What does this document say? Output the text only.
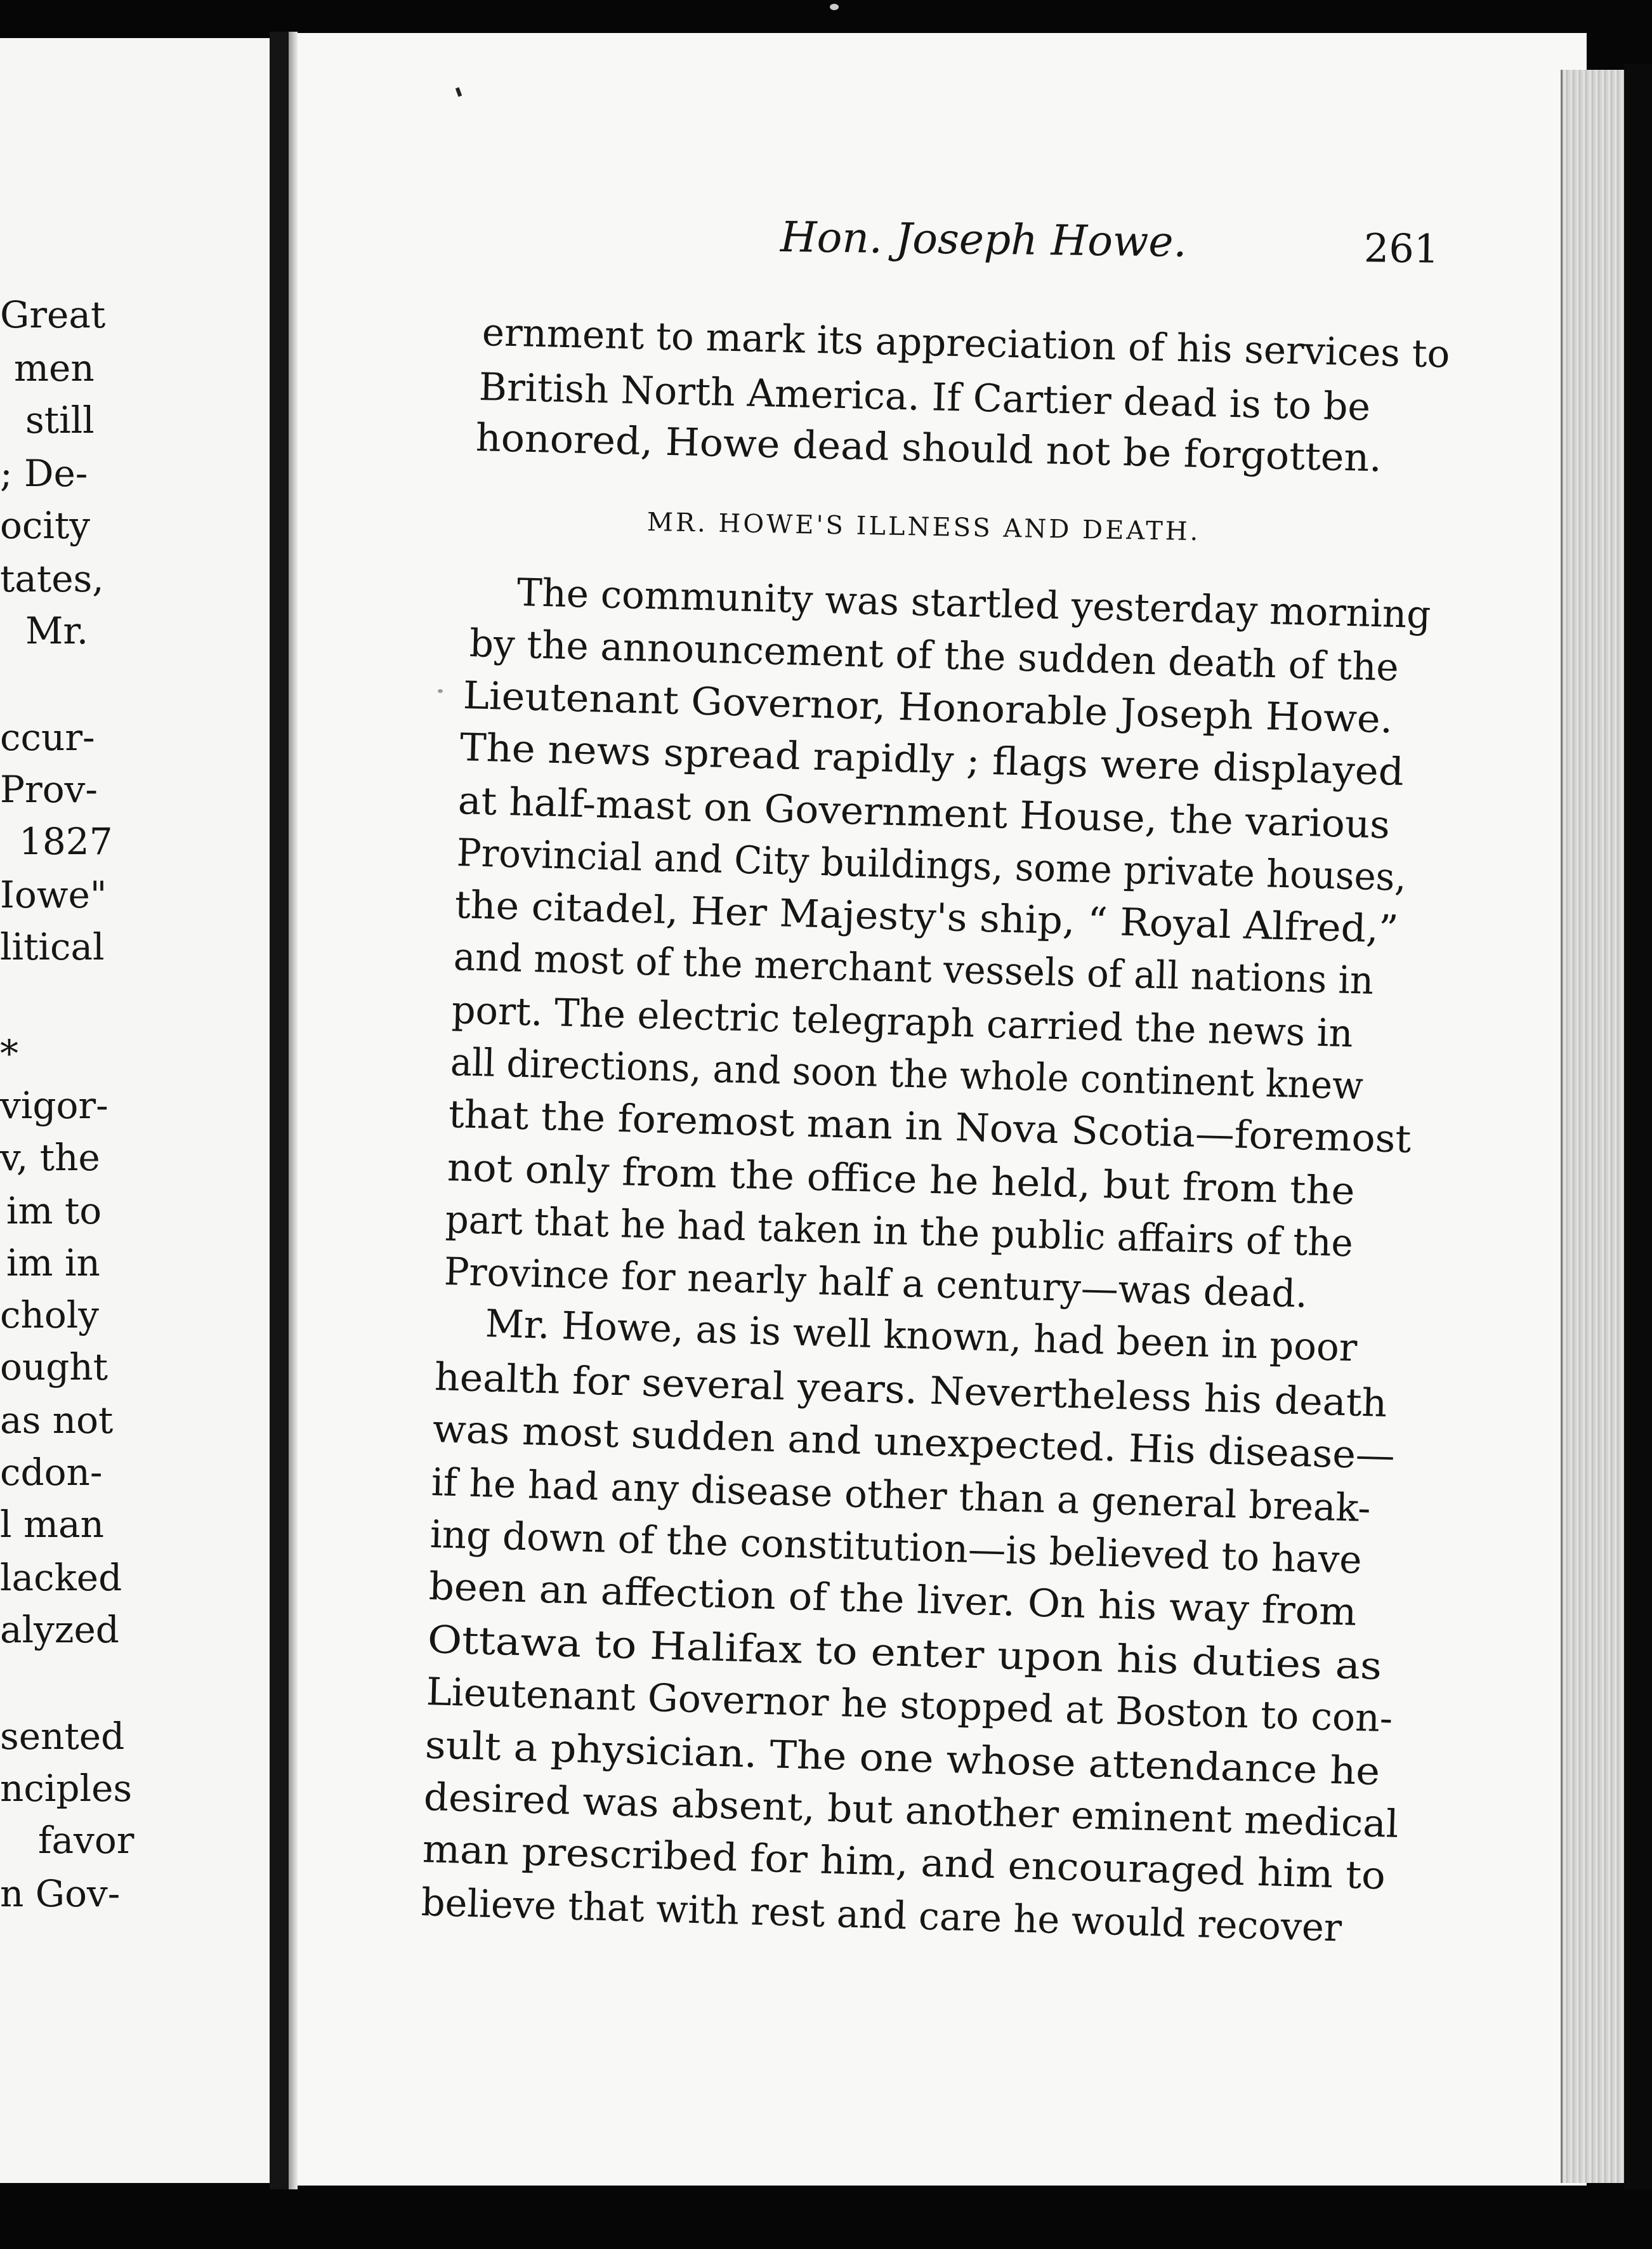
Hon. Joseph Howe.	261
ernment to mark its appreciation of his services to
British North America. If Cartier dead is to be
honored, Howe dead should not be forgotten.
MR. HOWE'S ILLNESS AND DEATH.
The community was startled yesterday morning
by the announcement of the sudden death of the
Lieutenant Governor, Honorable Joseph Howe.
The news spread rapidly ; flags were displayed
at half-mast on Government House, the various
Provincial and City buildings, some private houses,
the citadel, Her Majesty's ship, “ Royal Alfred,”
and most of the merchant vessels of all nations in
port. The electric telegraph carried the news in
all directions, and soon the whole continent knew
that the foremost man in Nova Scotia—foremost
not only from the office he held, but from the
part that he had taken in the public affairs of the
Province for nearly half a century—was dead.
Mr. Howe, as is well known, had been in poor
health for several years. Nevertheless his death
was most sudden and unexpected. His disease—
if he had any disease other than a general break-
ing down of the constitution—is believed to have
been an affection of the liver. On his way from
Ottawa to Halifax to enter upon his duties as
Lieutenant Governor he stopped at Boston to con-
sult a physician. The one whose attendance he
desired was absent, but another eminent medical
man prescribed for him, and encouraged him to
believe that with rest and care he would recover
Great
men
still
; De-
ocity
tates,
Mr.
ccur-
Prov-
1827
Iowe"
litical
*
vigor-
v, the
im to
im in
choly
ought
as not
cdon-
l man
lacked
alyzed
sented
nciples
favor
n Gov-
